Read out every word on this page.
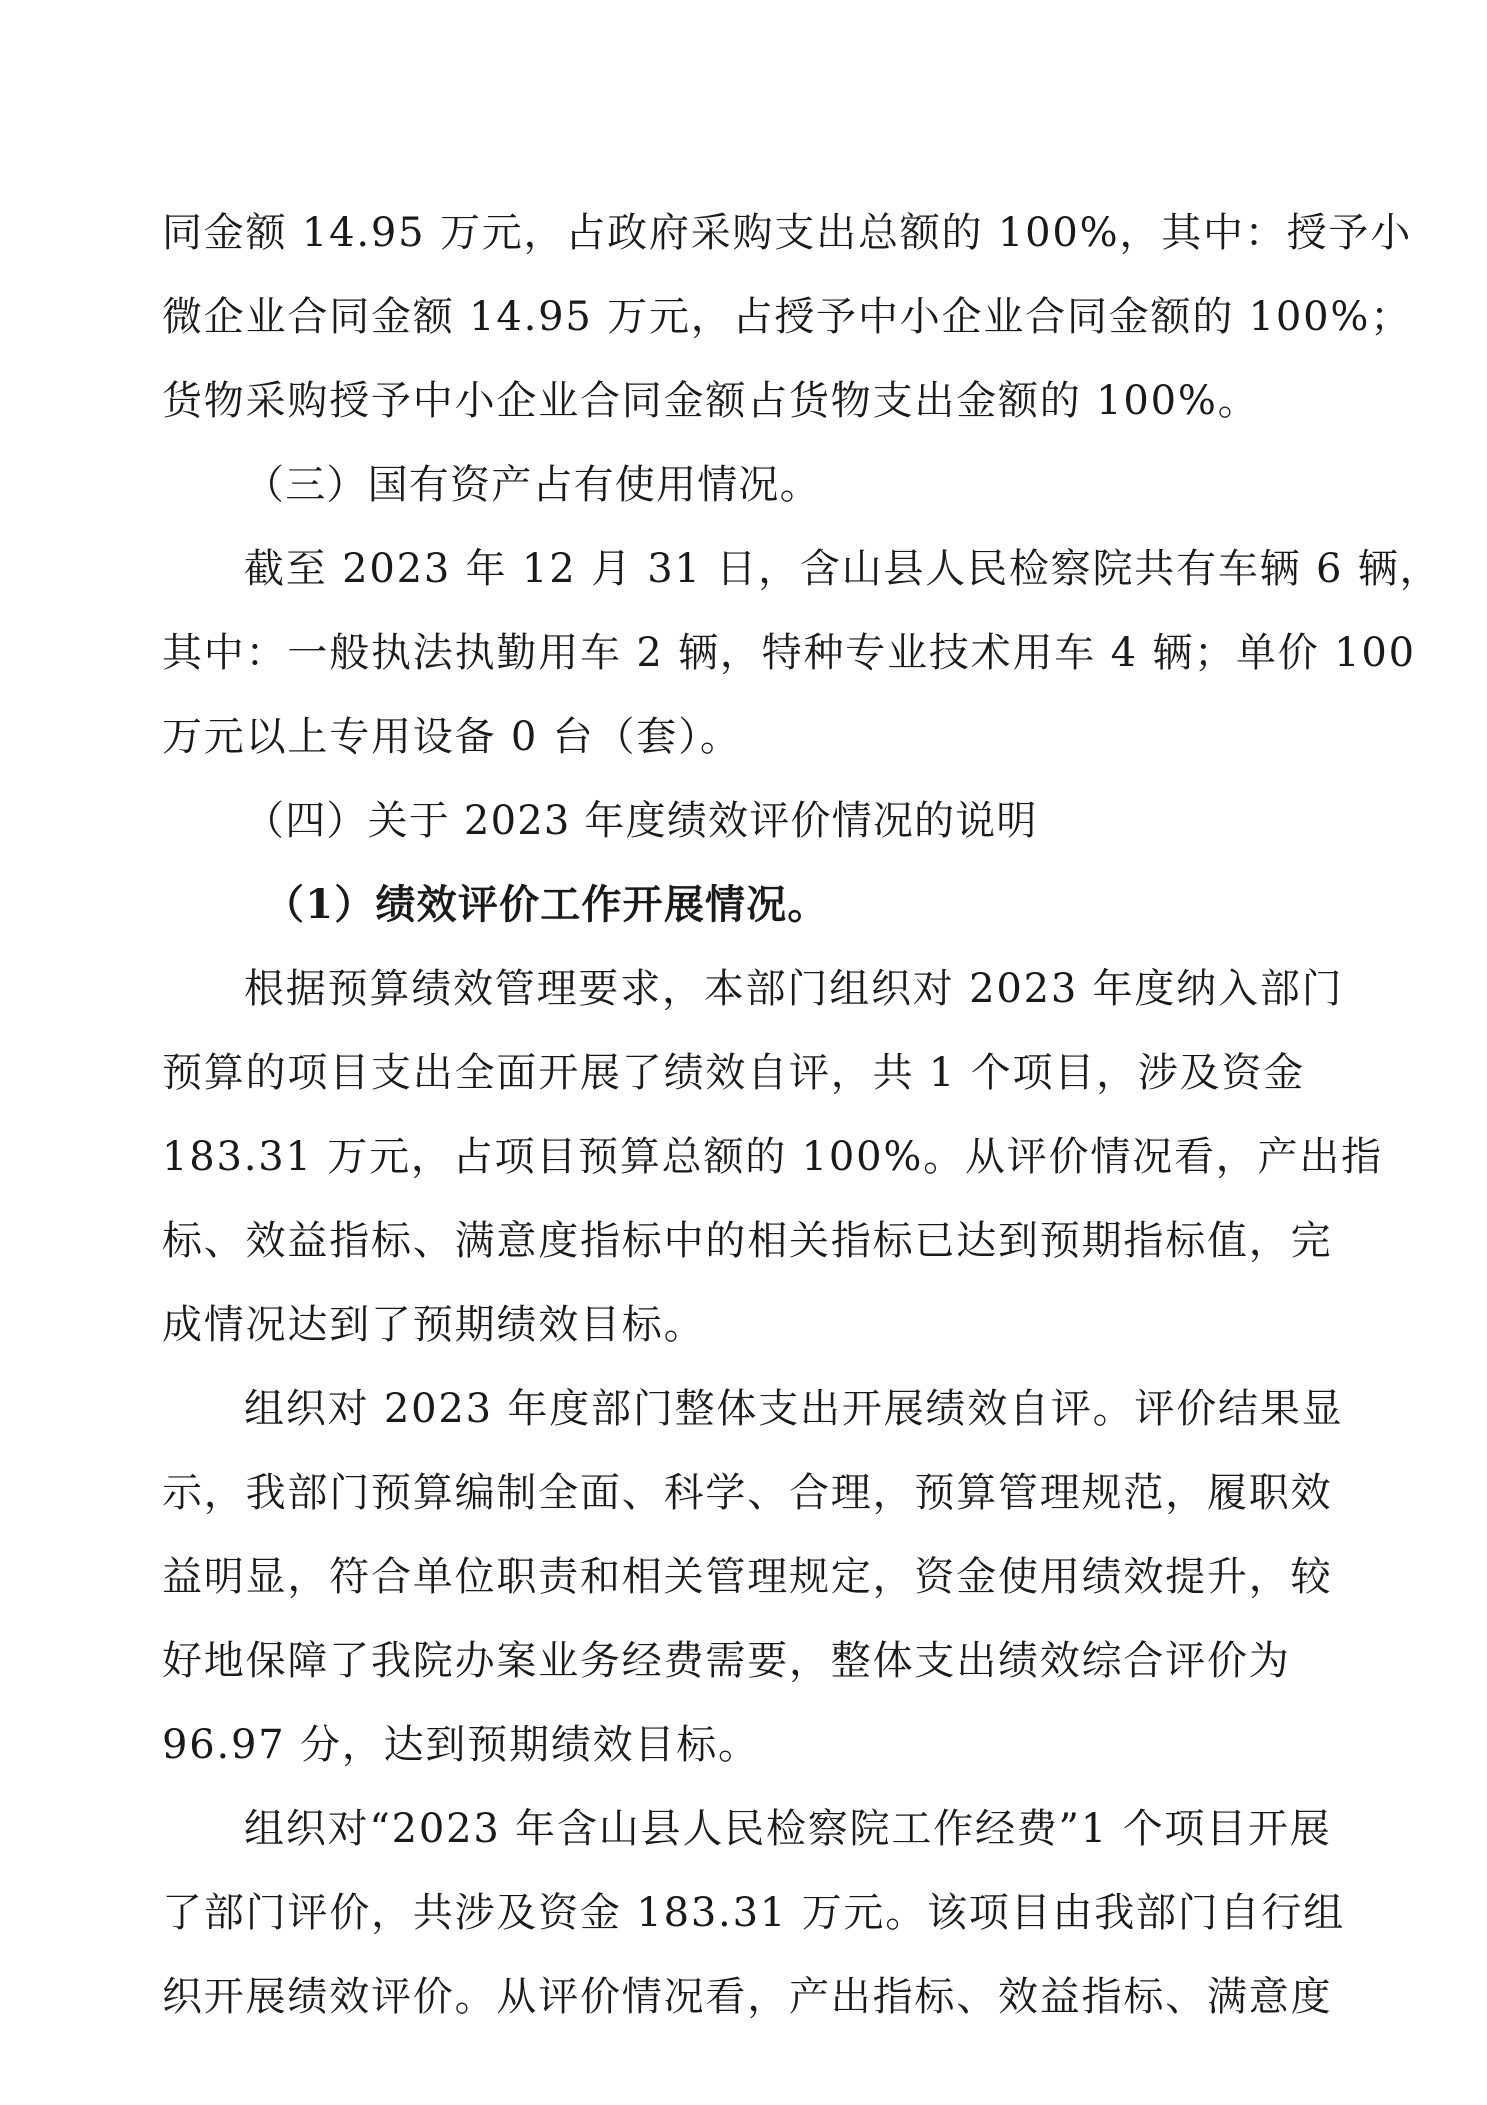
同金额 14.95 万元，占政府采购支出总额的 100%，其中：授予小
微企业合同金额 14.95 万元，占授予中小企业合同金额的 100%；
货物采购授予中小企业合同金额占货物支出金额的 100%。
（三）国有资产占有使用情况。
截至 2023 年 12 月 31 日，含山县人民检察院共有车辆 6 辆，
其中：一般执法执勤用车 2 辆，特种专业技术用车 4 辆；单价 100
万元以上专用设备 0 台（套）。
（四）关于 2023 年度绩效评价情况的说明
（1）绩效评价工作开展情况。
根据预算绩效管理要求，本部门组织对 2023 年度纳入部门
预算的项目支出全面开展了绩效自评，共 1 个项目，涉及资金
183.31 万元，占项目预算总额的 100%。从评价情况看，产出指
标、效益指标、满意度指标中的相关指标已达到预期指标值，完
成情况达到了预期绩效目标。
组织对 2023 年度部门整体支出开展绩效自评。评价结果显
示，我部门预算编制全面、科学、合理，预算管理规范，履职效
益明显，符合单位职责和相关管理规定，资金使用绩效提升，较
好地保障了我院办案业务经费需要，整体支出绩效综合评价为
96.97 分，达到预期绩效目标。
组织对“2023 年含山县人民检察院工作经费”1 个项目开展
了部门评价，共涉及资金 183.31 万元。该项目由我部门自行组
织开展绩效评价。从评价情况看，产出指标、效益指标、满意度
